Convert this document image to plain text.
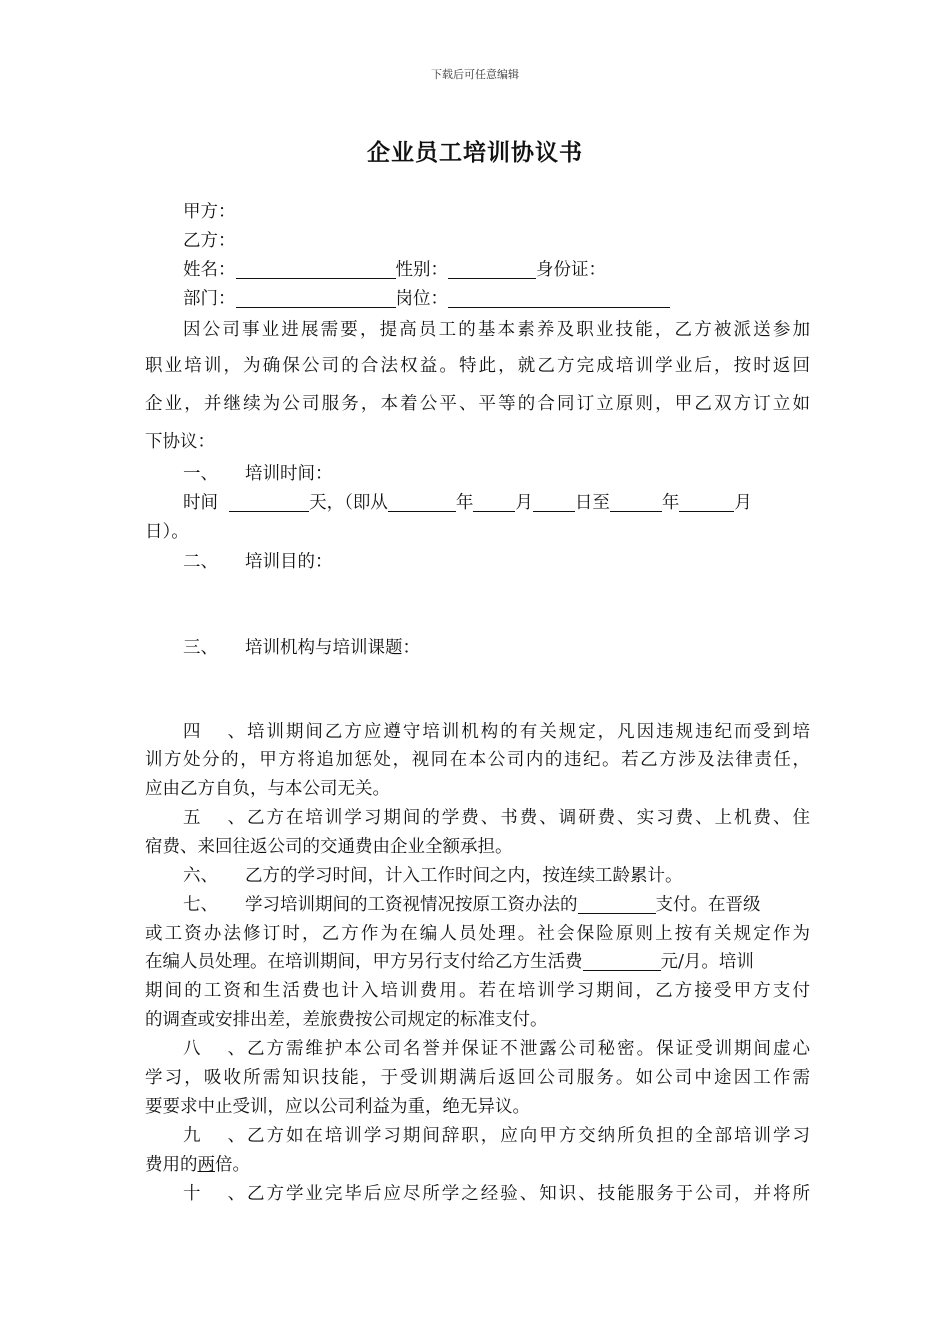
下载后可任意编辑
企业员工培训协议书
甲方：
乙方：
姓名：	性别：	身份证：
部门：	岗位：
因公司事业进展需要，提高员工的基本素养及职业技能，乙方被派送参加
职业培训，为确保公司的合法权益。特此，就乙方完成培训学业后，按时返回
企业，并继续为公司服务，本着公平、平等的合同订立原则，甲乙双方订立如
下协议：
一、 培训时间：
时间	天，（即从	年 月 日至	年	月
日）。
二、 培训目的：
三、 培训机构与培训课题：
四、培训期间乙方应遵守培训机构的有关规定，凡因违规违纪而受到培
训方处分的，甲方将追加惩处，视同在本公司内的违纪。若乙方涉及法律责任，
应由乙方自负，与本公司无关。
五、乙方在培训学习期间的学费、书费、调研费、实习费、上机费、住
宿费、来回往返公司的交通费由企业全额承担。
六、 乙方的学习时间，计入工作时间之内，按连续工龄累计。
七、 学习培训期间的工资视情况按原工资办法的	支付。在晋级
或工资办法修订时，乙方作为在编人员处理。社会保险原则上按有关规定作为
在编人员处理。在培训期间，甲方另行支付给乙方生活费	元/月。培训
期间的工资和生活费也计入培训费用。若在培训学习期间，乙方接受甲方支付
的调查或安排出差，差旅费按公司规定的标准支付。
八、乙方需维护本公司名誉并保证不泄露公司秘密。保证受训期间虚心
学习，吸收所需知识技能，于受训期满后返回公司服务。如公司中途因工作需
要要求中止受训，应以公司利益为重，绝无异议。
九、乙方如在培训学习期间辞职，应向甲方交纳所负担的全部培训学习
费用的两倍。
十、乙方学业完毕后应尽所学之经验、知识、技能服务于公司，并将所
